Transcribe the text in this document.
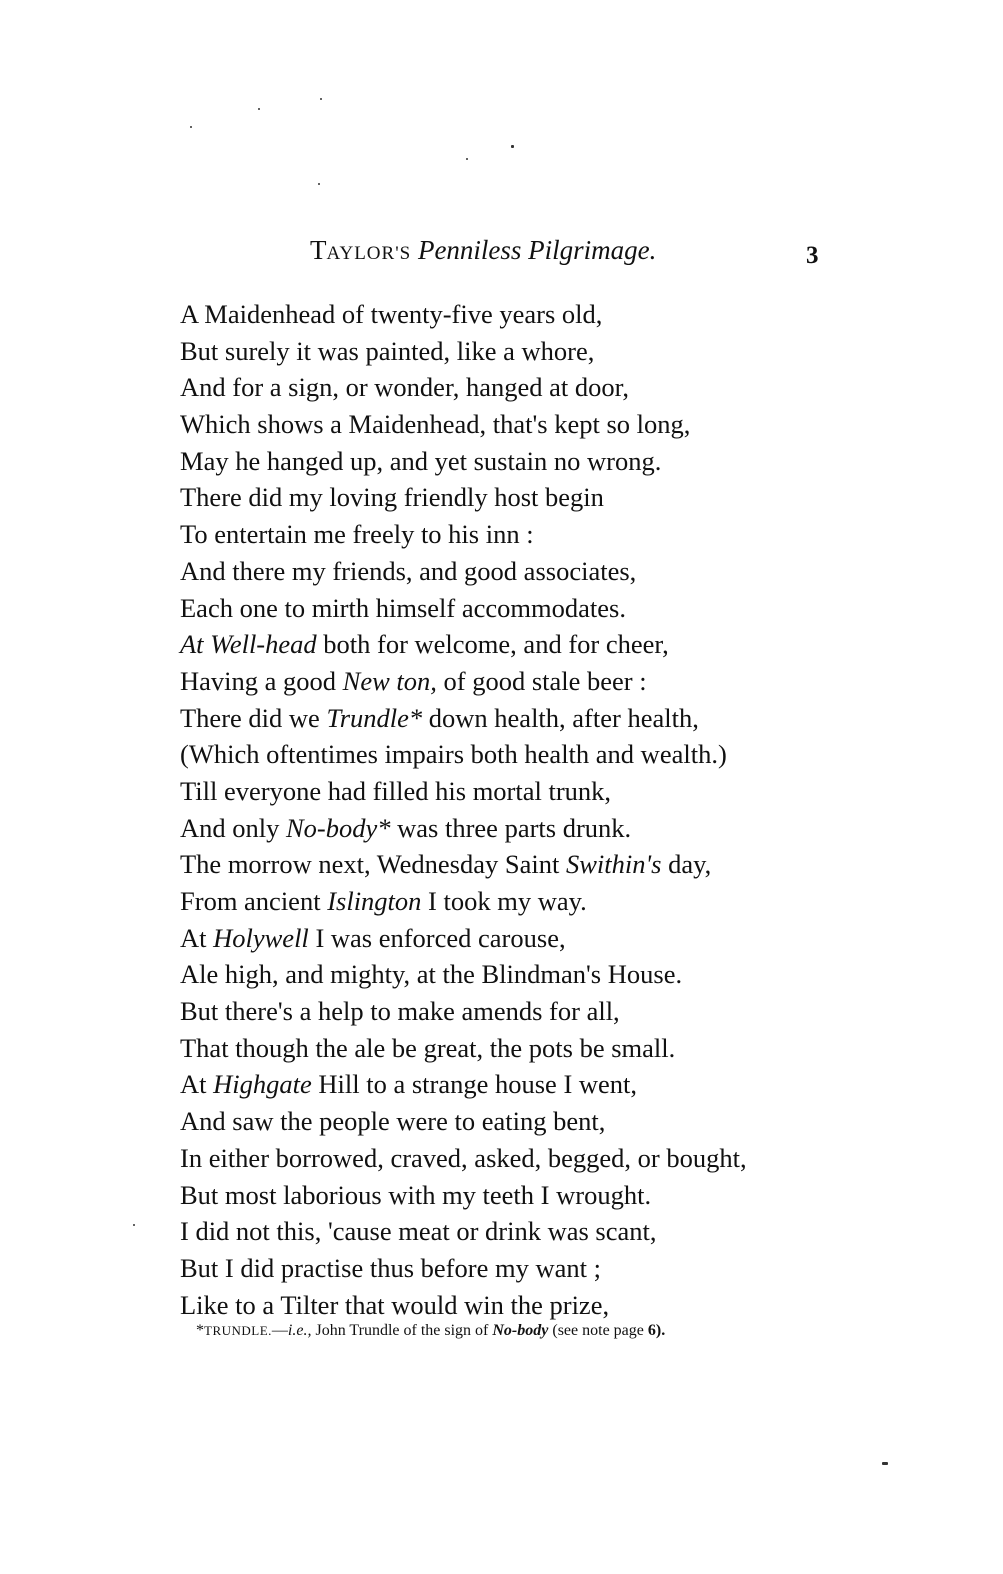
TAYLOR'S Penniless Pilgrimage.	3
A Maidenhead of twenty-five years old,
But surely it was painted, like a whore,
And for a sign, or wonder, hanged at door,
Which shows a Maidenhead, that's kept so long,
May he hanged up, and yet sustain no wrong.
There did my loving friendly host begin
To entertain me freely to his inn :
And there my friends, and good associates,
Each one to mirth himself accommodates.
At Well-head both for welcome, and for cheer,
Having a good New ton, of good stale beer :
There did we Trundle* down health, after health,
(Which oftentimes impairs both health and wealth.)
Till everyone had filled his mortal trunk,
And only No-body* was three parts drunk.
The morrow next, Wednesday Saint Swithin's day,
From ancient Islington I took my way.
At Holywell I was enforced carouse,
Ale high, and mighty, at the Blindman's House.
But there's a help to make amends for all,
That though the ale be great, the pots be small.
At Highgate Hill to a strange house I went,
And saw the people were to eating bent,
In either borrowed, craved, asked, begged, or bought,
But most laborious with my teeth I wrought.
I did not this, 'cause meat or drink was scant,
But I did practise thus before my want ;
Like to a Tilter that would win the prize,
*TRUNDLE.—i.e., John Trundle of the sign of No-body (see note page 6).
